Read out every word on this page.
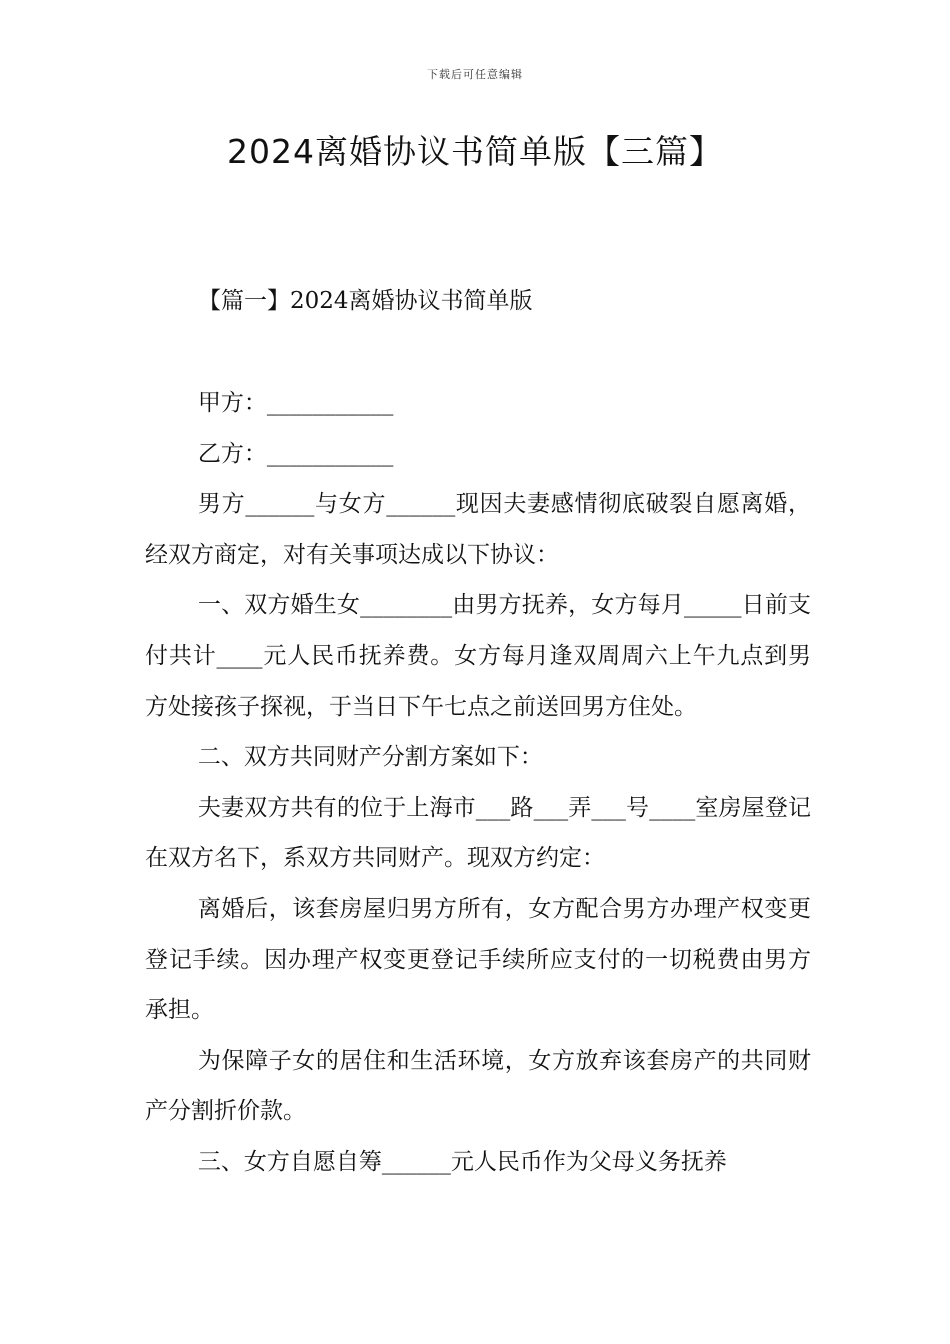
下载后可任意编辑
2024离婚协议书简单版【三篇】
【篇一】2024离婚协议书简单版

甲方：___________

乙方：___________

男方______与女方______现因夫妻感情彻底破裂自愿离婚，经双方商定，对有关事项达成以下协议：

一、双方婚生女________由男方抚养，女方每月_____日前支付共计____元人民币抚养费。女方每月逢双周周六上午九点到男方处接孩子探视，于当日下午七点之前送回男方住处。

二、双方共同财产分割方案如下：

夫妻双方共有的位于上海市___路___弄___号____室房屋登记在双方名下，系双方共同财产。现双方约定：

离婚后，该套房屋归男方所有，女方配合男方办理产权变更登记手续。因办理产权变更登记手续所应支付的一切税费由男方承担。

为保障子女的居住和生活环境，女方放弃该套房产的共同财产分割折价款。

三、女方自愿自筹______元人民币作为父母义务抚养
